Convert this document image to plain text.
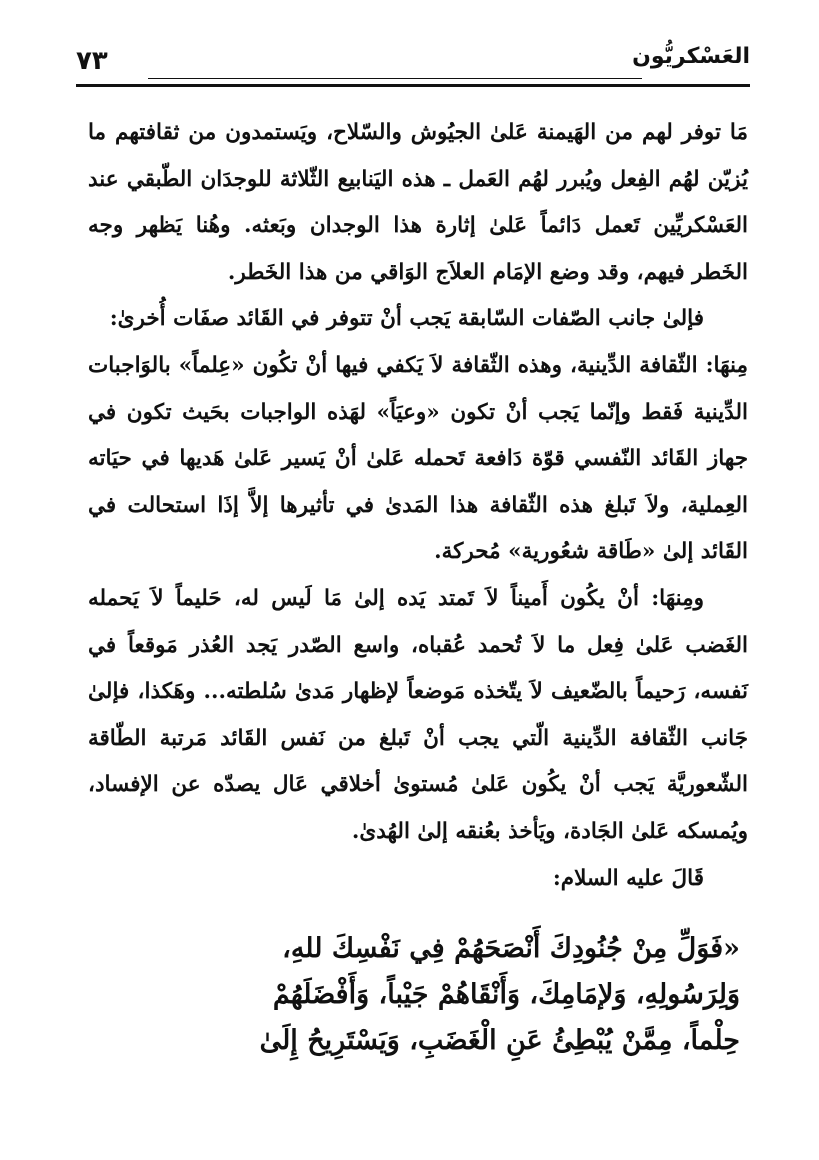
٧٣	العَسْكريُّون

مَا توفر لهم من الهَيمنة عَلىٰ الجيُوش والسّلاح، ويَستمدون من ثقافتهم ما يُزيّن لهُم الفِعل ويُبرر لهُم العَمل ـ هذه اليَنابيع الثّلاثة للوجدَان الطّبقي عند العَسْكريِّين تَعمل دَائماً عَلىٰ إثارة هذا الوجدان وبَعثه. وهُنا يَظهر وجه الخَطر فيهم، وقد وضع الإمَام العلاَج الوَاقي من هذا الخَطر.

فإلىٰ جانب الصّفات السّابقة يَجب أنْ تتوفر في القَائد صفَات أُخرىٰ:

مِنهَا: الثّقافة الدِّينية، وهذه الثّقافة لاَ يَكفي فيها أنْ تكُون «عِلماً» بالوَاجبات الدِّينية فَقط وإنّما يَجب أنْ تكون «وعيَاً» لهَذه الواجبات بحَيث تكون في جهاز القَائد النّفسي قوّة دَافعة تَحمله عَلىٰ أنْ يَسير عَلىٰ هَديها في حيَاته العِملية، ولاَ تَبلغ هذه الثّقافة هذا المَدىٰ في تأثيرها إلاَّ إذَا استحالت في القَائد إلىٰ «طَاقة شعُورية» مُحركة.

ومِنهَا: أنْ يكُون أَميناً لاَ تَمتد يَده إلىٰ مَا لَيس له، حَليماً لاَ يَحمله الغَضب عَلىٰ فِعل ما لاَ تُحمد عُقباه، واسع الصّدر يَجد العُذر مَوقعاً في نَفسه، رَحيماً بالضّعيف لاَ يتّخذه مَوضعاً لإظهار مَدىٰ سُلطته... وهَكذا، فإلىٰ جَانب الثّقافة الدِّينية الّتي يجب أنْ تَبلغ من نَفس القَائد مَرتبة الطّاقة الشّعوريَّة يَجب أنْ يكُون عَلىٰ مُستوىٰ أخلاقي عَال يصدّه عن الإفساد، ويُمسكه عَلىٰ الجَادة، ويَأخذ بعُنقه إلىٰ الهُدىٰ.

قَالَ عليه السلام:

«فَوَلِّ مِنْ جُنُودِكَ أَنْصَحَهُمْ فِي نَفْسِكَ للهِ،

وَلِرَسُولِهِ، وَلإمَامِكَ، وَأَنْقَاهُمْ جَيْباً، وَأَفْضَلَهُمْ

حِلْماً، مِمَّنْ يُبْطِئُ عَنِ الْغَضَبِ، وَيَسْتَرِيحُ إِلَىٰ
